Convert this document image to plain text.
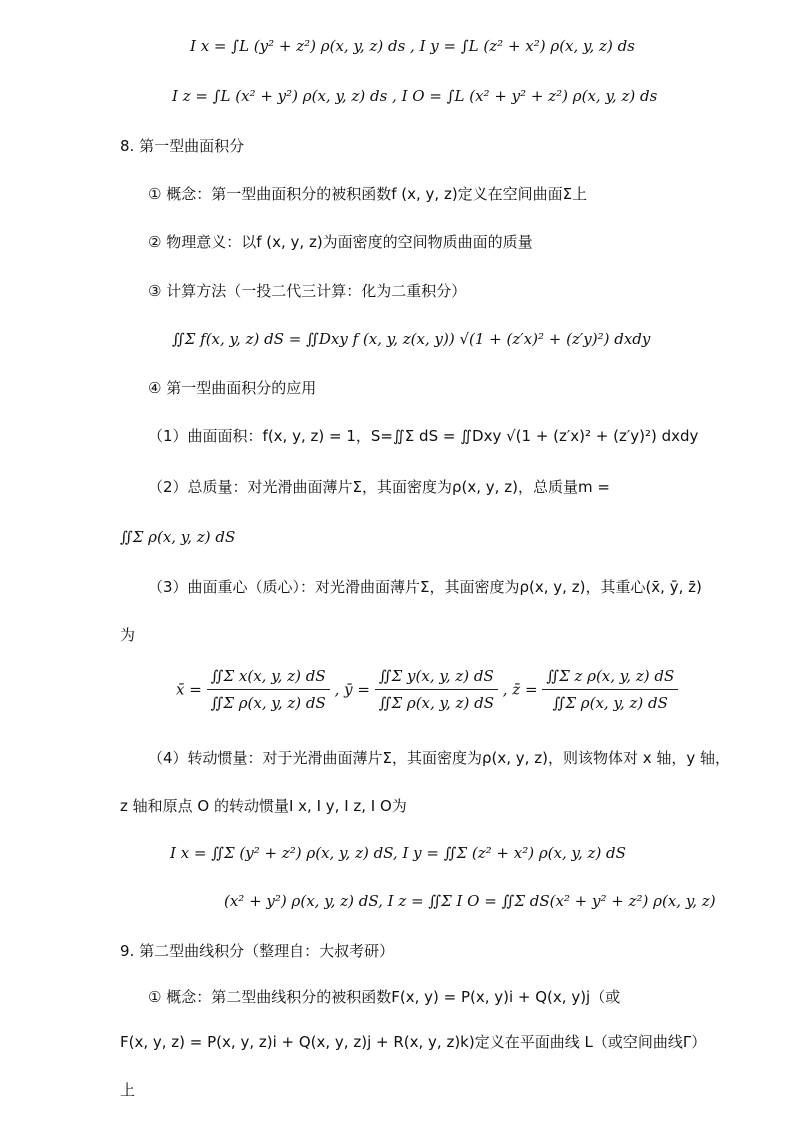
I x = ∫L (y² + z²) ρ(x, y, z) ds , I y = ∫L (z² + x²) ρ(x, y, z) ds
I z = ∫L (x² + y²) ρ(x, y, z) ds , I O = ∫L (x² + y² + z²) ρ(x, y, z) ds
8. 第一型曲面积分
① 概念：第一型曲面积分的被积函数f (x, y, z)定义在空间曲面Σ上
② 物理意义：以f (x, y, z)为面密度的空间物质曲面的质量
③ 计算方法（一投二代三计算：化为二重积分）
∬Σ f(x, y, z) dS = ∬Dxy f (x, y, z(x, y)) √(1 + (z′x)² + (z′y)²) dxdy
④ 第一型曲面积分的应用
（1）曲面面积：f(x, y, z) = 1，S=∬Σ dS = ∬Dxy √(1 + (z′x)² + (z′y)²) dxdy
（2）总质量：对光滑曲面薄片Σ，其面密度为ρ(x, y, z)，总质量m =
∬Σ ρ(x, y, z) dS
（3）曲面重心（质心）：对光滑曲面薄片Σ，其面密度为ρ(x, y, z)，其重心(x̄, ȳ, z̄)
为
x̄ = $\frac{\text{∬Σ x(x, y, z) dS}}{\text{∬Σ ρ(x, y, z) dS}}$ , ȳ = $\frac{\text{∬Σ y(x, y, z) dS}}{\text{∬Σ ρ(x, y, z) dS}}$ , z̄ = $\frac{\text{∬Σ z ρ(x, y, z) dS}}{\text{∬Σ ρ(x, y, z) dS}}$
（4）转动惯量：对于光滑曲面薄片Σ，其面密度为ρ(x, y, z)，则该物体对 x 轴，y 轴，
z 轴和原点 O 的转动惯量I x, I y, I z, I O为
I x = ∬Σ (y² + z²) ρ(x, y, z) dS, I y = ∬Σ (z² + x²) ρ(x, y, z) dS
(x² + y²) ρ(x, y, z) dS, I z = ∬Σ I O = ∬Σ dS(x² + y² + z²) ρ(x, y, z)
9. 第二型曲线积分（整理自：大叔考研）
① 概念：第二型曲线积分的被积函数F(x, y) = P(x, y)i + Q(x, y)j（或
F(x, y, z) = P(x, y, z)i + Q(x, y, z)j + R(x, y, z)k)定义在平面曲线 L（或空间曲线Γ）
上
